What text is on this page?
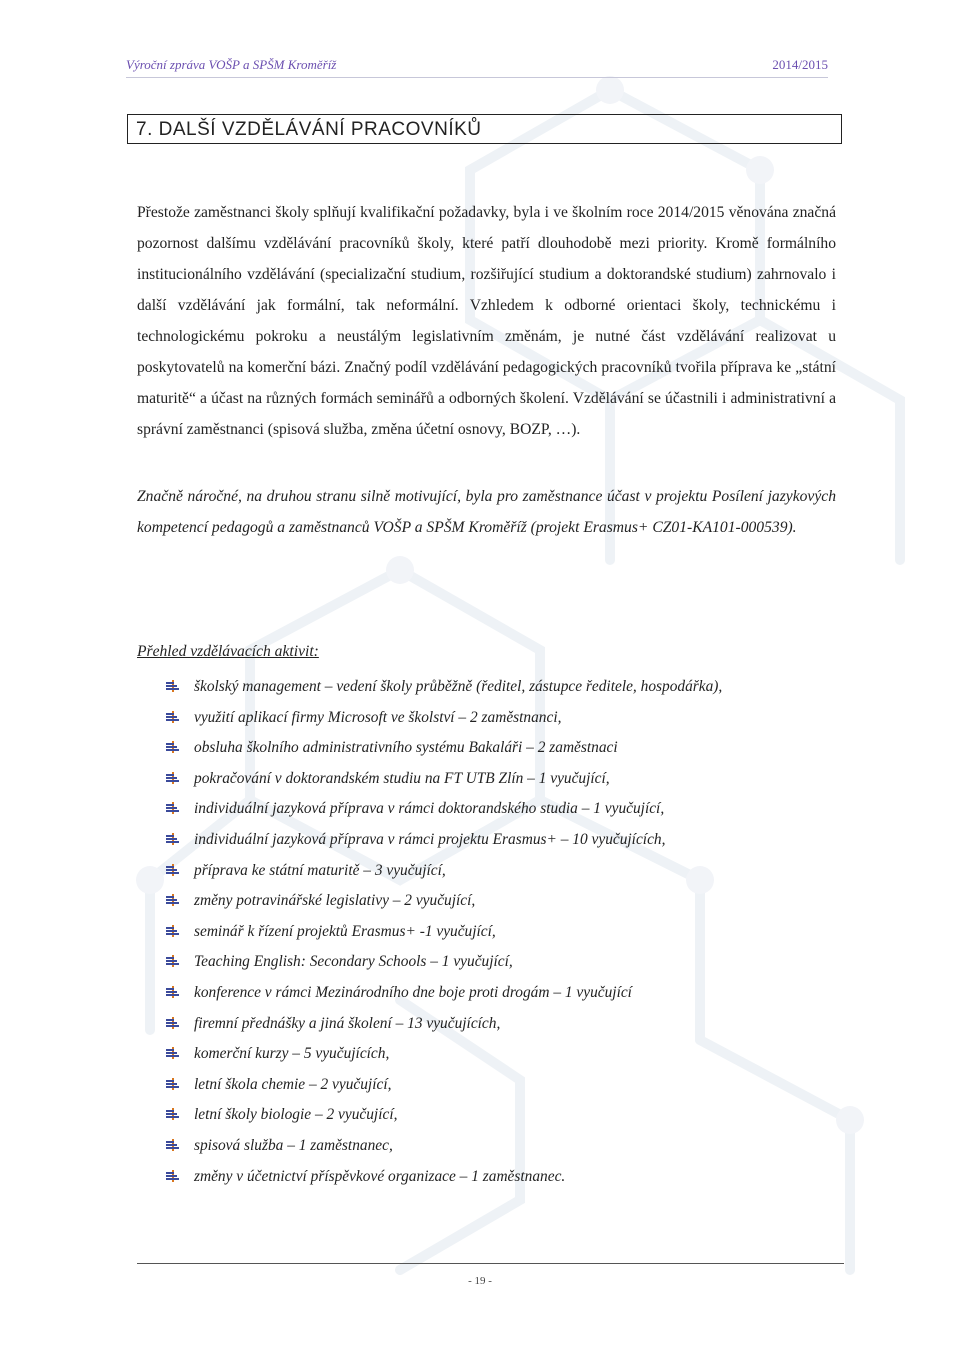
Výroční zpráva VOŠP a SPŠM Kroměříž	2014/2015
7. DALŠÍ VZDĚLÁVÁNÍ PRACOVNÍKŮ
Přestože zaměstnanci školy splňují kvalifikační požadavky, byla i ve školním roce 2014/2015 věnována značná pozornost dalšímu vzdělávání pracovníků školy, které patří dlouhodobě mezi priority. Kromě formálního institucionálního vzdělávání (specializační studium, rozšiřující studium a doktorandské studium) zahrnovalo i další vzdělávání jak formální, tak neformální. Vzhledem k odborné orientaci školy, technickému i technologickému pokroku a neustálým legislativním změnám, je nutné část vzdělávání realizovat u poskytovatelů na komerční bázi. Značný podíl vzdělávání pedagogických pracovníků tvořila příprava ke „státní maturitě“ a účast na různých formách seminářů a odborných školení. Vzdělávání se účastnili i administrativní a správní zaměstnanci (spisová služba, změna účetní osnovy, BOZP, …).
Značně náročné, na druhou stranu silně motivující, byla pro zaměstnance účast v projektu Posílení jazykových kompetencí pedagogů a zaměstnanců VOŠP a SPŠM Kroměříž (projekt Erasmus+ CZ01-KA101-000539).

Přehled vzdělávacích aktivit:

školský management – vedení školy průběžně (ředitel, zástupce ředitele, hospodářka),
využití aplikací firmy Microsoft ve školství – 2 zaměstnanci,
obsluha školního administrativního systému Bakaláři – 2 zaměstnaci
pokračování v doktorandském studiu na FT UTB Zlín – 1 vyučující,
individuální jazyková příprava v rámci doktorandského studia – 1 vyučující,
individuální jazyková příprava v rámci projektu Erasmus+ – 10 vyučujících,
příprava ke státní maturitě – 3 vyučující,
změny potravinářské legislativy – 2 vyučující,
seminář k řízení projektů Erasmus+ -1 vyučující,
Teaching English: Secondary Schools – 1 vyučující,
konference v rámci Mezinárodního dne boje proti drogám – 1 vyučující
firemní přednášky a jiná školení – 13 vyučujících,
komerční kurzy – 5 vyučujících,
letní škola chemie – 2 vyučující,
letní školy biologie – 2 vyučující,
spisová služba – 1 zaměstnanec,
změny v účetnictví příspěvkové organizace – 1 zaměstnanec.
- 19 -
